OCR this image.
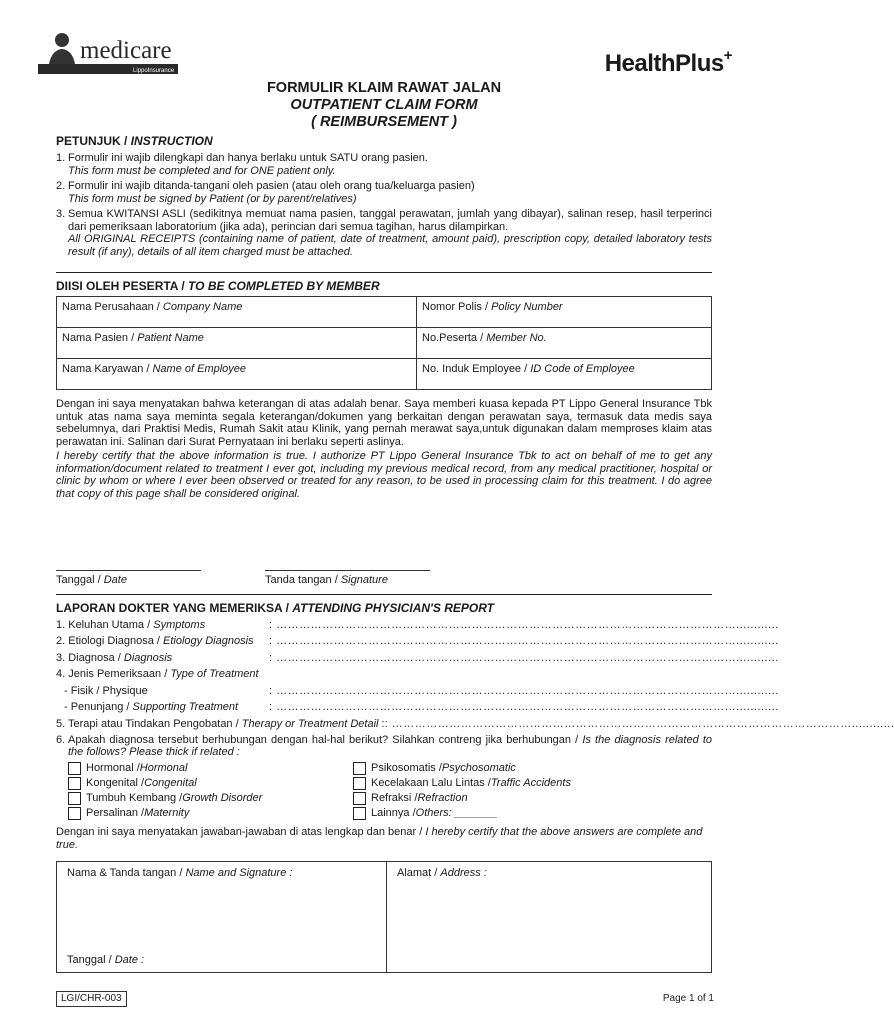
medicare
LippoInsurance	HealthPlus+
FORMULIR KLAIM RAWAT JALAN
OUTPATIENT CLAIM FORM
( REIMBURSEMENT )
PETUNJUK / INSTRUCTION
1. Formulir ini wajib dilengkapi dan hanya berlaku untuk SATU orang pasien.
This form must be completed and for ONE patient only.
2. Formulir ini wajib ditanda-tangani oleh pasien (atau oleh orang tua/keluarga pasien)
This form must be signed by Patient (or by parent/relatives)
3. Semua KWITANSI ASLI (sedikitnya memuat nama pasien, tanggal perawatan, jumlah yang dibayar), salinan resep, hasil terperinci dari pemeriksaan laboratorium (jika ada), perincian dari semua tagihan, harus dilampirkan.
All ORIGINAL RECEIPTS (containing name of patient, date of treatment, amount paid), prescription copy, detailed laboratory tests result (if any), details of all item charged must be attached.
DIISI OLEH PESERTA / TO BE COMPLETED BY MEMBER
Nama Perusahaan / Company Name	Nomor Polis / Policy Number
Nama Pasien / Patient Name	No.Peserta / Member No.
Nama Karyawan / Name of Employee	No. Induk Employee / ID Code of Employee

Dengan ini saya menyatakan bahwa keterangan di atas adalah benar. Saya memberi kuasa kepada PT Lippo General Insurance Tbk untuk atas nama saya meminta segala keterangan/dokumen yang berkaitan dengan perawatan saya, termasuk data medis saya sebelumnya, dari Praktisi Medis, Rumah Sakit atau Klinik, yang pernah merawat saya,untuk digunakan dalam memproses klaim atas perawatan ini. Salinan dari Surat Pernyataan ini berlaku seperti aslinya.

I hereby certify that the above information is true. I authorize PT Lippo General Insurance Tbk to act on behalf of me to get any information/document related to treatment I ever got, including my previous medical record, from any medical practitioner, hospital or clinic by whom or where I ever been observed or treated for any reason, to be used in processing claim for this treatment. I do agree that copy of this page shall be considered original.

Tanggal / Date	Tanda tangan / Signature
LAPORAN DOKTER YANG MEMERIKSA / ATTENDING PHYSICIAN'S REPORT
1. Keluhan Utama / Symptoms	: …………………………………………………………………………………………………………............
2. Etiologi Diagnosa / Etiology Diagnosis	: …………………………………………………………………………………………………………............
3. Diagnosa / Diagnosis	: …………………………………………………………………………………………………………............
4. Jenis Pemeriksaan / Type of Treatment
- Fisik / Physique	: …………………………………………………………………………………………………………............
- Penunjang / Supporting Treatment	: …………………………………………………………………………………………………………............
5. Terapi atau Tindakan Pengobatan / Therapy or Treatment Detail : : …………………………………………………………………………………………………………............
6. Apakah diagnosa tersebut berhubungan dengan hal-hal berikut? Silahkan contreng jika berhubungan / Is the diagnosis related to the follows? Please thick if related :
Hormonal / Hormonal
Kongenital / Congenital
Tumbuh Kembang / Growth Disorder
Persalinan / Maternity
Psikosomatis / Psychosomatic
Kecelakaan Lalu Lintas / Traffic Accidents
Refraksi / Refraction
Lainnya / Others: _______
Dengan ini saya menyatakan jawaban-jawaban di atas lengkap dan benar / I hereby certify that the above answers are complete and true.
Nama & Tanda tangan / Name and Signature :
Tanggal / Date :
	Alamat / Address :
LGI/CHR-003	Page 1 of 1
